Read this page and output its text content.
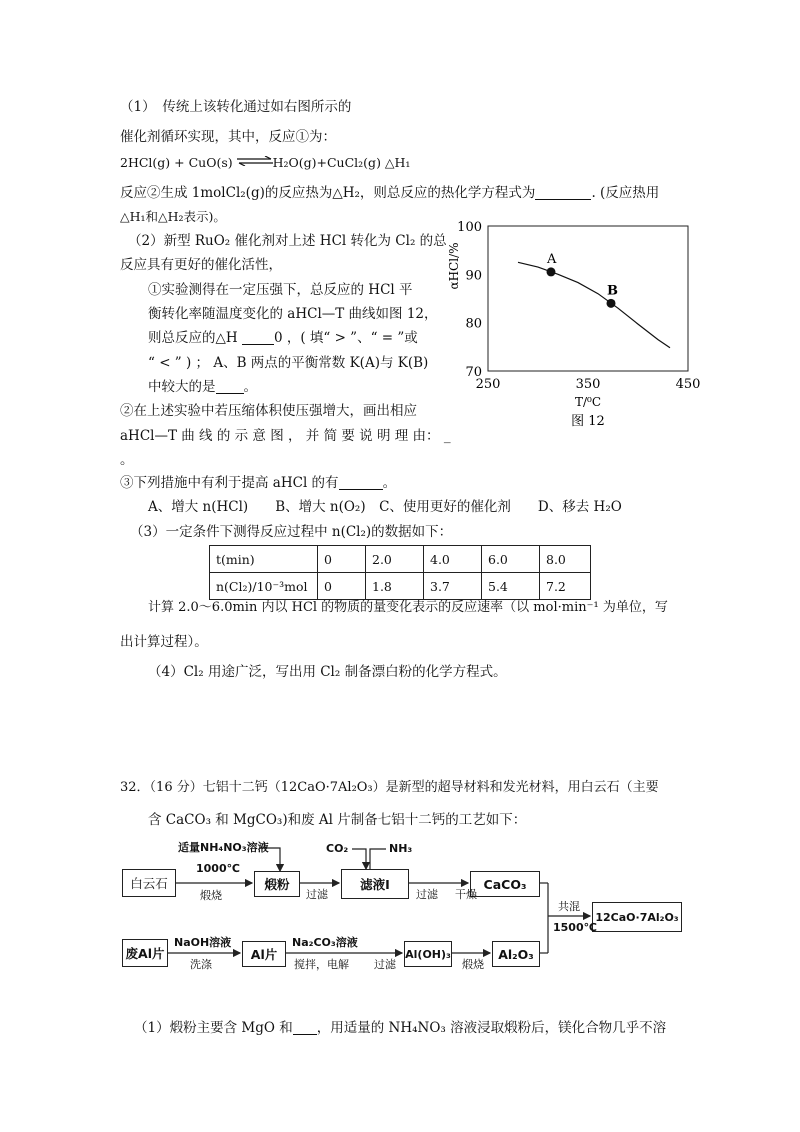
（1）　传统上该转化通过如右图所示的
催化剂循环实现，其中，反应①为：
2HCl(g) + CuO(s) ⇌H₂O(g)+CuCl₂(g) △H₁
反应②生成 1molCl₂(g)的反应热为△H₂，则总反应的热化学方程式为	. (反应热用
△H₁和△H₂表示)。
（2）新型 RuO₂ 催化剂对上述 HCl 转化为 Cl₂ 的总
反应具有更好的催化活性，
①实验测得在一定压强下，总反应的 HCl 平
衡转化率随温度变化的 aHCl—T 曲线如图 12，
则总反应的△H	0 ，( 填“ > ”、“ = ”或
“ < ” ) ； A、B 两点的平衡常数 K(A)与 K(B)
中较大的是 。
②在上述实验中若压缩体积使压强增大，画出相应
aHCl—T 曲 线 的 示 意 图 ， 并 简 要 说 明 理 由： _
。
③下列措施中有利于提高 aHCl 的有	。
A、增大 n(HCl)　　B、增大 n(O₂)　C、使用更好的催化剂　　D、移去 H₂O
250	350	450
70
80
90
100
T/⁰C
αHCl/%
图 12
A
B
（3）一定条件下测得反应过程中 n(Cl₂)的数据如下：
t(min)	0	2.0	4.0	6.0	8.0
n(Cl₂)/10⁻³mol	0	1.8	3.7	5.4	7.2
计算 2.0～6.0min 内以 HCl 的物质的量变化表示的反应速率（以 mol·min⁻¹ 为单位，写
出计算过程）。
（4）Cl₂ 用途广泛，写出用 Cl₂ 制备漂白粉的化学方程式。
32．（16 分）七铝十二钙（12CaO·7Al₂O₃）是新型的超导材料和发光材料，用白云石（主要
含 CaCO₃ 和 MgCO₃)和废 Al 片制备七铝十二钙的工艺如下：
白云石	煅粉	滤液I	CaCO₃
12CaO·7Al₂O₃
废Al片	Al片	Al(OH)₃	Al₂O₃
适量NH₄NO₃溶液	CO₂	NH₃
1000℃
煅烧	过滤	过滤 干燥
共混
1500℃
NaOH溶液
洗涤
Na₂CO₃溶液
搅拌，电解 过滤	煅烧
（1）煅粉主要含 MgO 和 ，用适量的 NH₄NO₃ 溶液浸取煅粉后，镁化合物几乎不溶
